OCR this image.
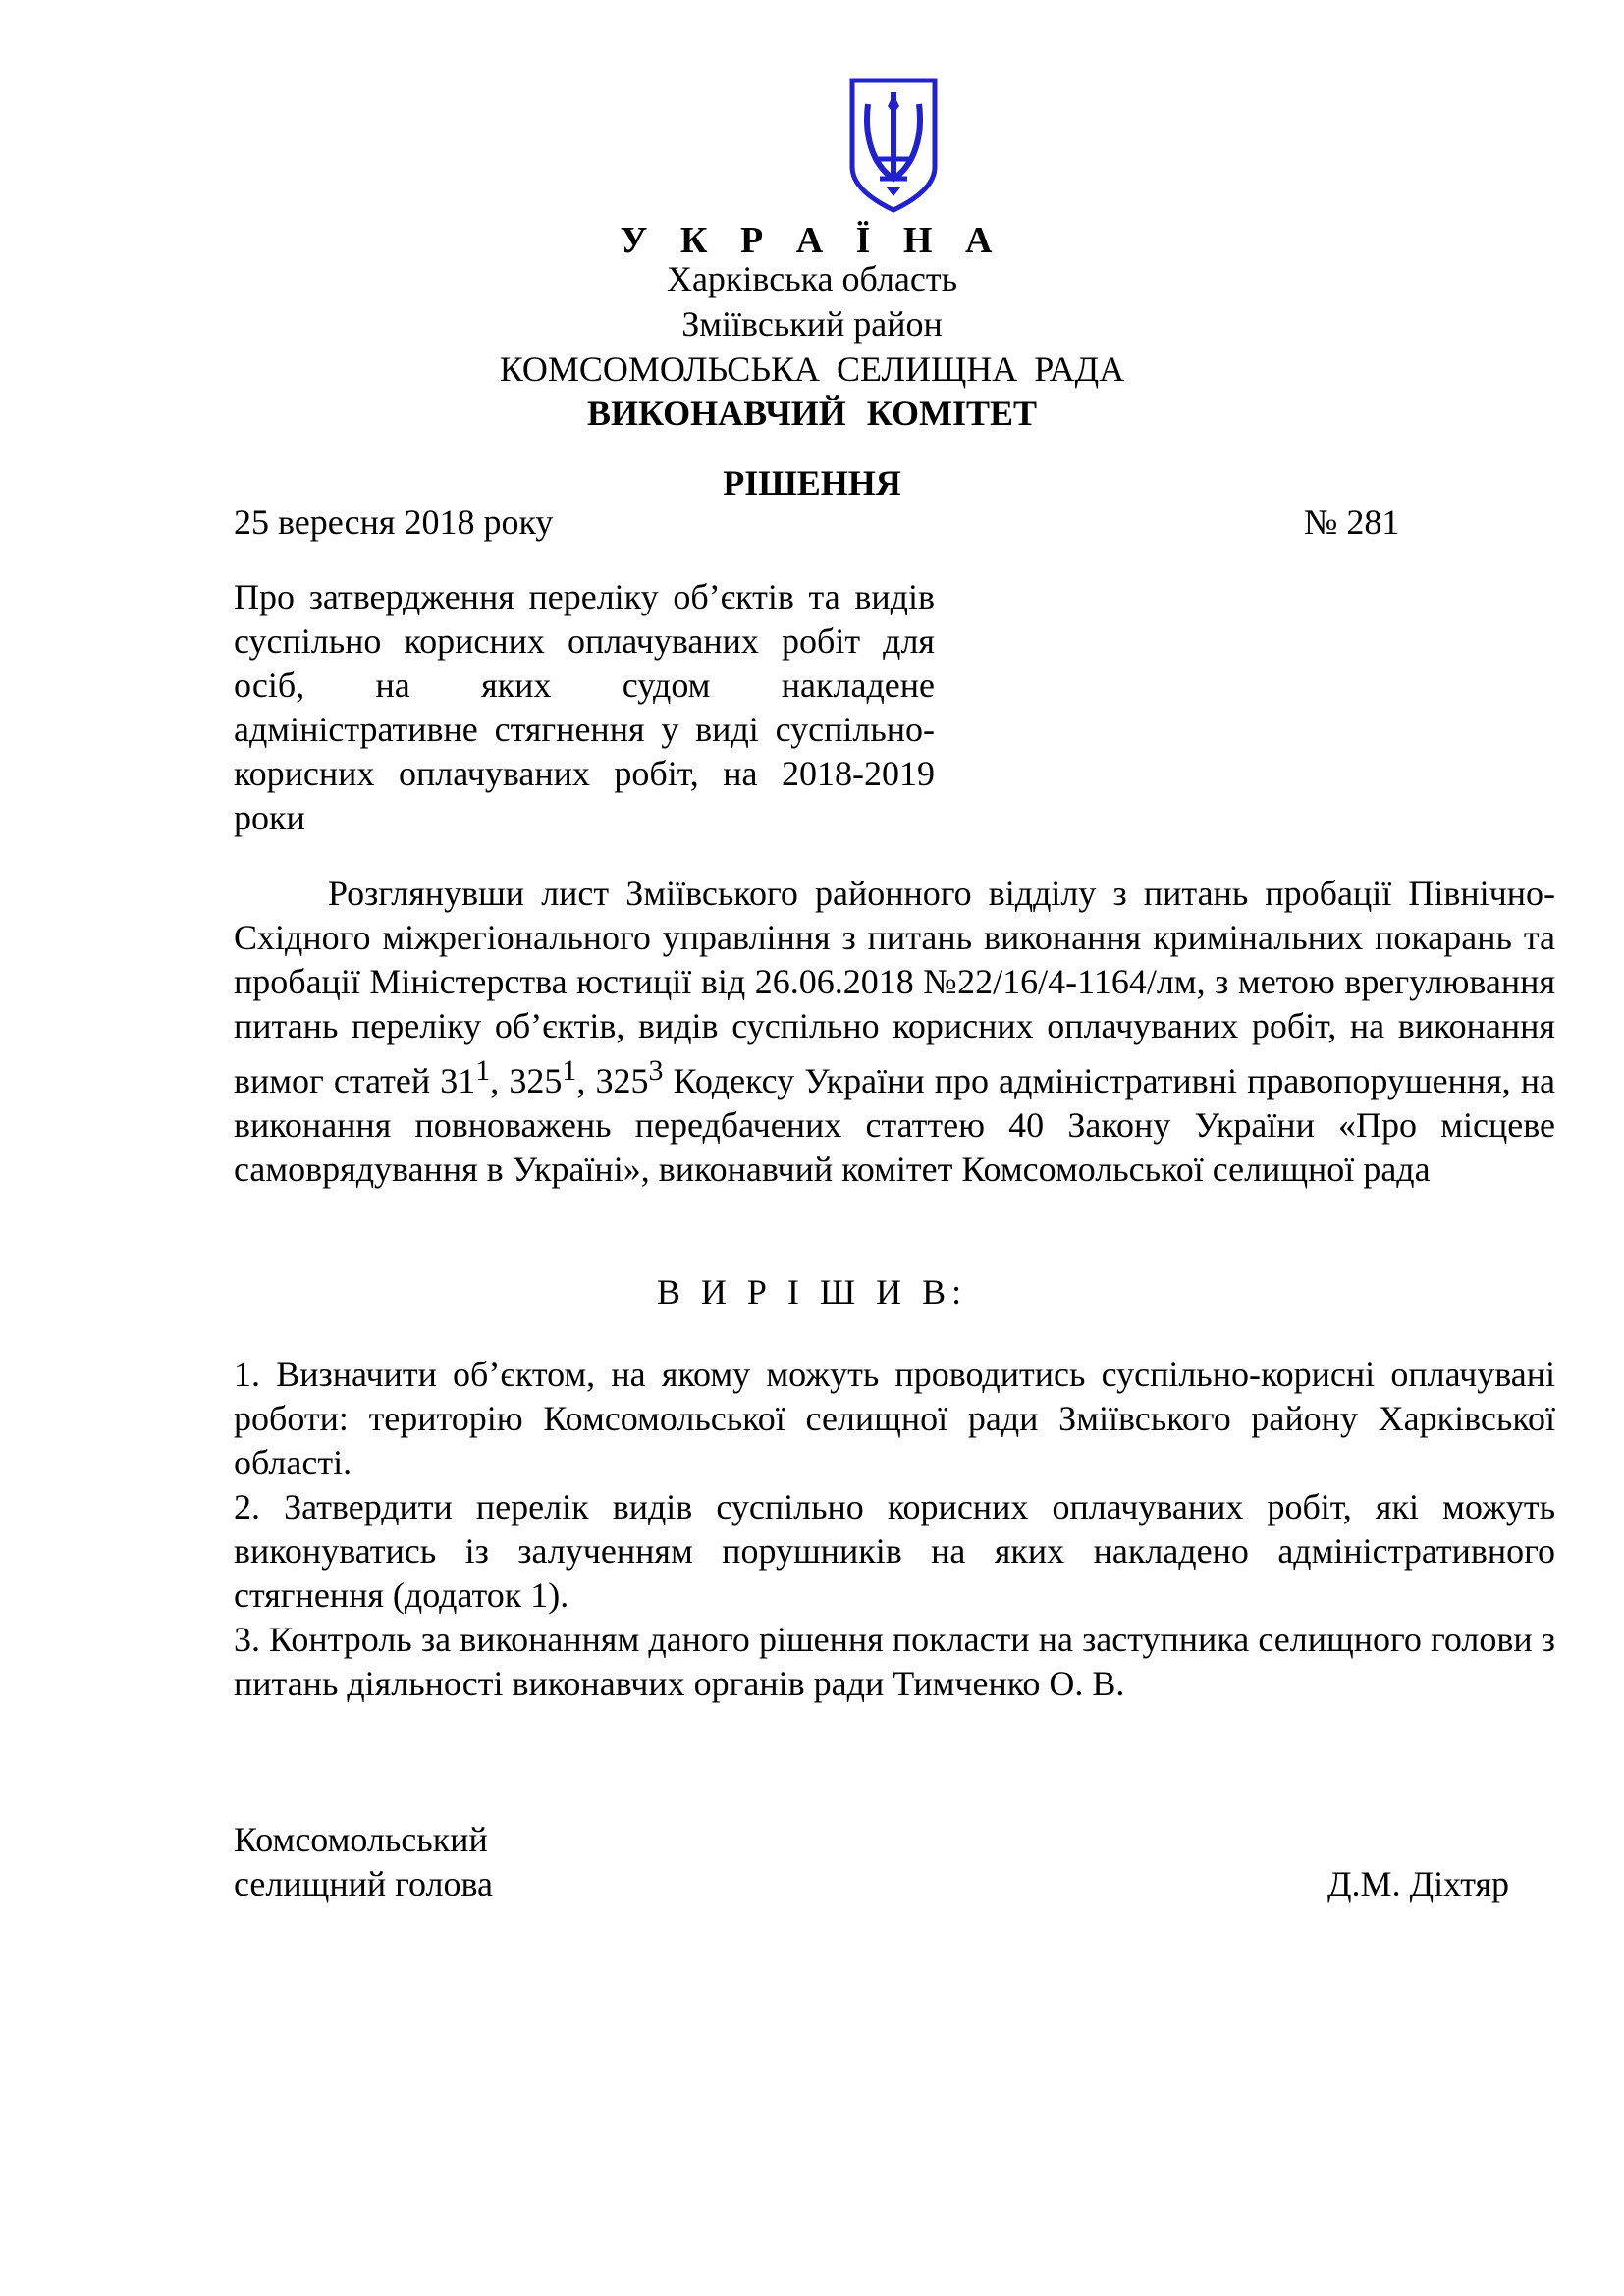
У К Р А Ї Н А
Харківська область
Зміївський район
КОМСОМОЛЬСЬКА СЕЛИЩНА РАДА
ВИКОНАВЧИЙ КОМІТЕТ
РІШЕННЯ
25 вересня 2018 року	№ 281
Про затвердження переліку об’єктів та видів суспільно корисних оплачуваних робіт для осіб, на яких судом накладене адміністративне стягнення у виді суспільно-корисних оплачуваних робіт, на 2018-2019 роки
Розглянувши лист Зміївського районного відділу з питань пробації Північно-Східного міжрегіонального управління з питань виконання кримінальних покарань та пробації Міністерства юстиції від 26.06.2018 №22/16/4-1164/лм, з метою врегулювання питань переліку об’єктів, видів суспільно корисних оплачуваних робіт, на виконання вимог статей $31^1$, $325^1$, $325^3$ Кодексу України про адміністративні правопорушення, на виконання повноважень передбачених статтею 40 Закону України «Про місцеве самоврядування в Україні», виконавчий комітет Комсомольської селищної рада
В И Р І Ш И В:

1. Визначити об’єктом, на якому можуть проводитись суспільно-корисні оплачувані роботи: територію Комсомольської селищної ради Зміївського району Харківської області.

2. Затвердити перелік видів суспільно корисних оплачуваних робіт, які можуть виконуватись із залученням порушників на яких накладено адміністративного стягнення (додаток 1).

3. Контроль за виконанням даного рішення покласти на заступника селищного голови з питань діяльності виконавчих органів ради Тимченко О. В.

Комсомольський
селищний голова	Д.М. Діхтяр
